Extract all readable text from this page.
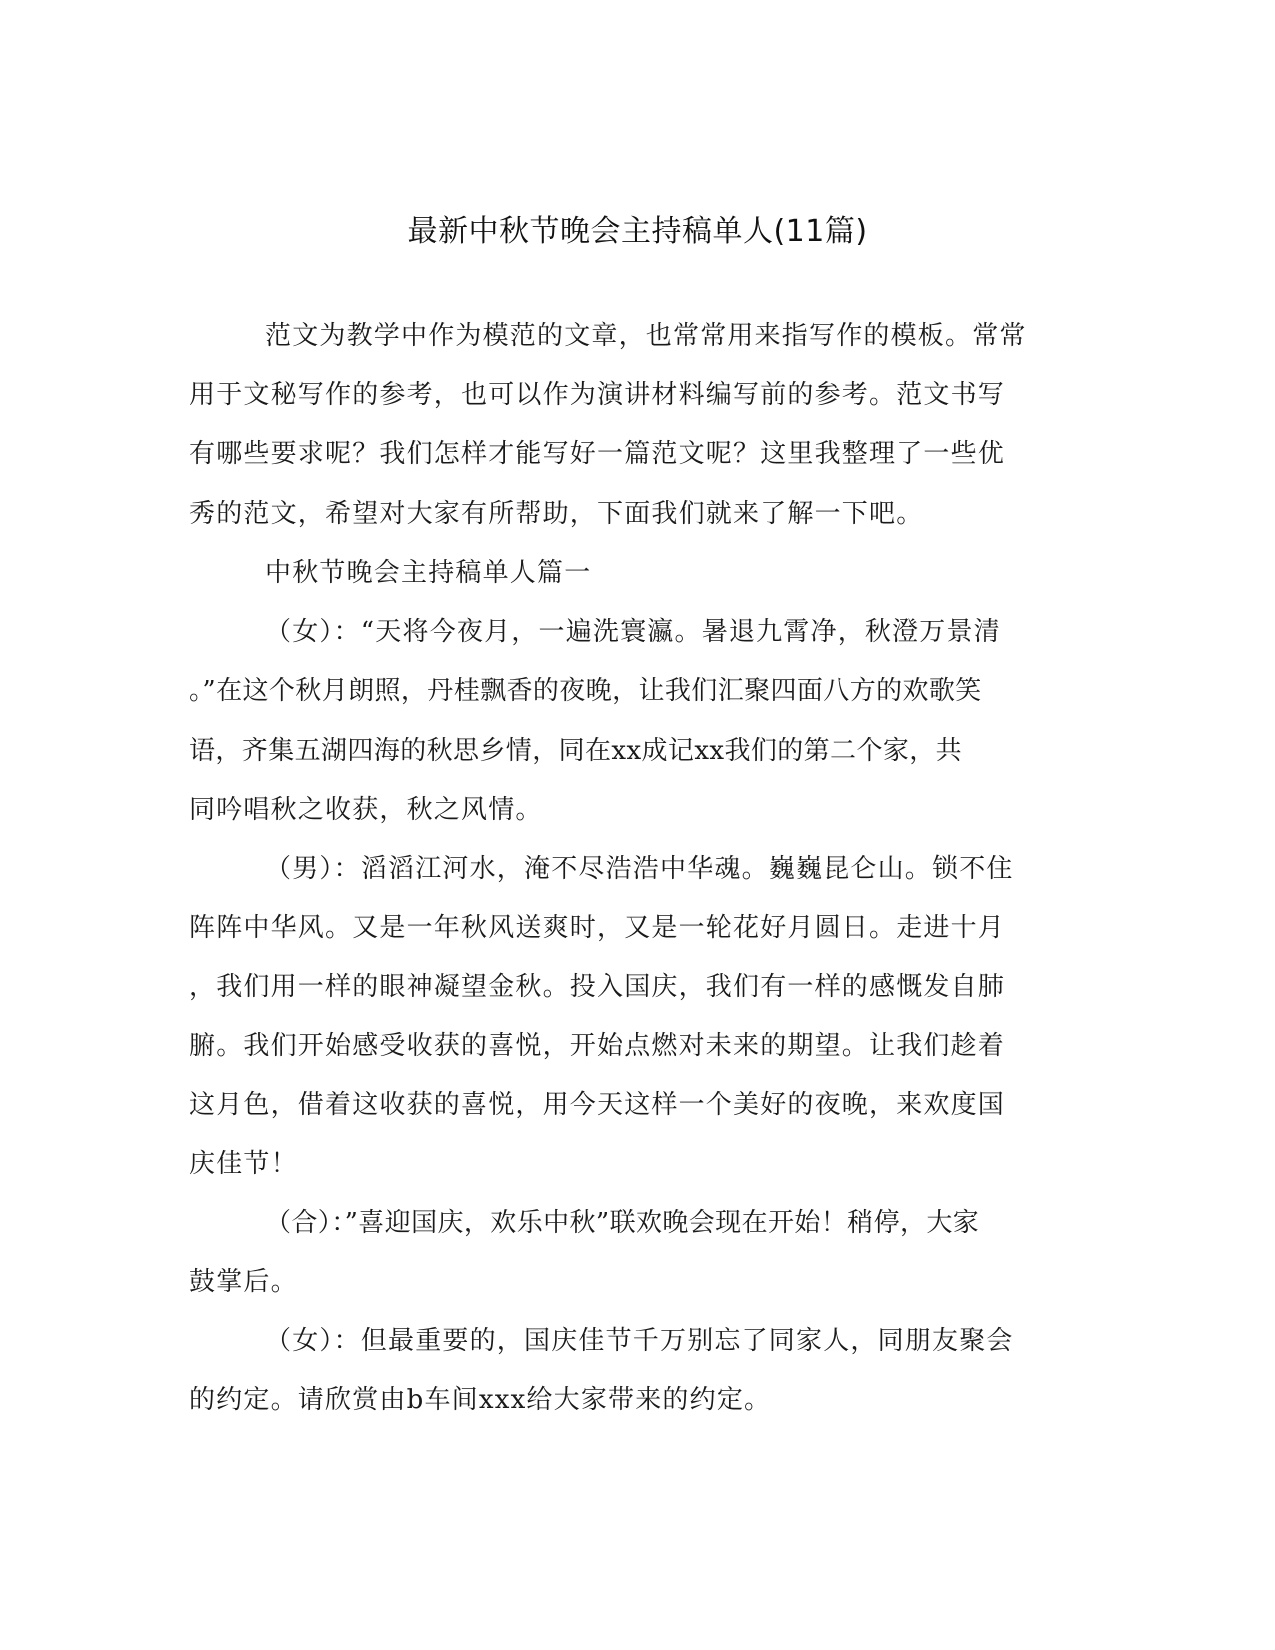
最新中秋节晚会主持稿单人(11篇)
范文为教学中作为模范的文章，也常常用来指写作的模板。常常
用于文秘写作的参考，也可以作为演讲材料编写前的参考。范文书写
有哪些要求呢？我们怎样才能写好一篇范文呢？这里我整理了一些优
秀的范文，希望对大家有所帮助，下面我们就来了解一下吧。
中秋节晚会主持稿单人篇一
（女）：“天将今夜月，一遍洗寰瀛。暑退九霄净，秋澄万景清
。”在这个秋月朗照，丹桂飘香的夜晚，让我们汇聚四面八方的欢歌笑
语，齐集五湖四海的秋思乡情，同在xx成记xx我们的第二个家，共
同吟唱秋之收获，秋之风情。
（男）：滔滔江河水，淹不尽浩浩中华魂。巍巍昆仑山。锁不住
阵阵中华风。又是一年秋风送爽时，又是一轮花好月圆日。走进十月
，我们用一样的眼神凝望金秋。投入国庆，我们有一样的感慨发自肺
腑。我们开始感受收获的喜悦，开始点燃对未来的期望。让我们趁着
这月色，借着这收获的喜悦，用今天这样一个美好的夜晚，来欢度国
庆佳节！
（合）：”喜迎国庆，欢乐中秋”联欢晚会现在开始！稍停，大家
鼓掌后。
（女）：但最重要的，国庆佳节千万别忘了同家人，同朋友聚会
的约定。请欣赏由b车间xxx给大家带来的约定。
